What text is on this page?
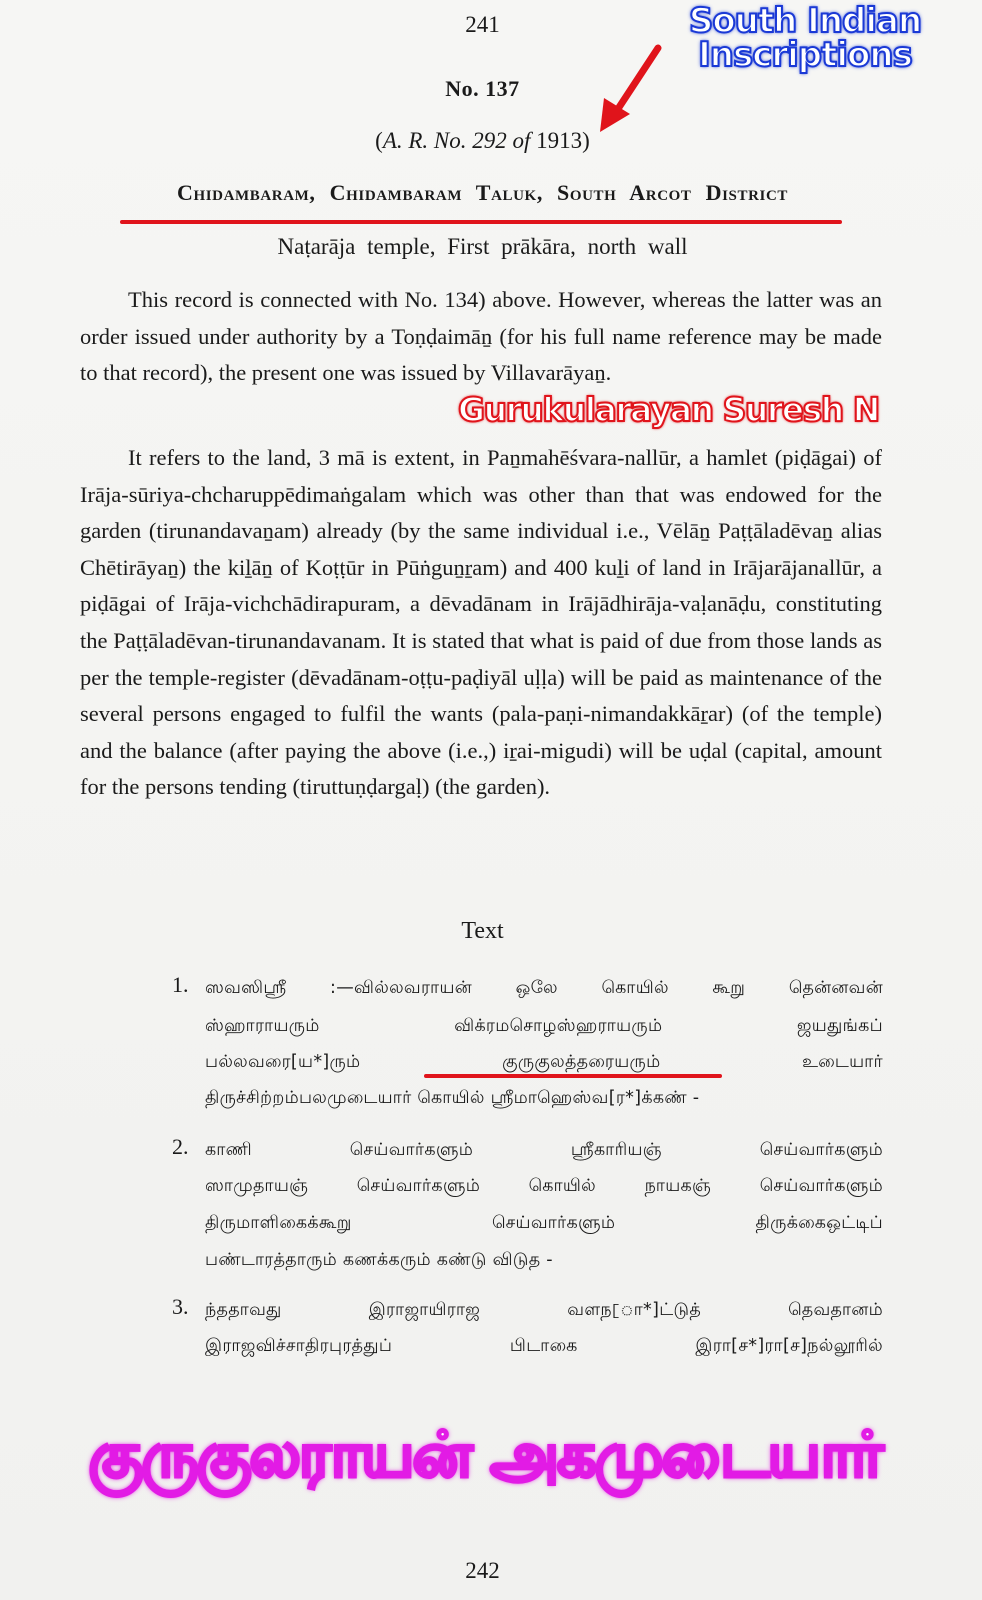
241
No. 137
(A. R. No. 292 of 1913)
Chidambaram, Chidambaram Taluk, South Arcot District
Naṭarāja temple, First prākāra, north wall
This record is connected with No. 134) above. However, whereas the latter was an order issued under authority by a Toṇḍaimāṉ (for his full name reference may be made to that record), the present one was issued by Villavarāyaṉ.
It refers to the land, 3 mā is extent, in Paṉmahēśvara-nallūr, a hamlet (piḍāgai) of Irāja-sūriya-chcharuppēdimaṅgalam which was other than that was endowed for the garden (tirunandavaṉam) already (by the same individual i.e., Vēlāṉ Paṭṭāladēvaṉ alias Chētirāyaṉ) the kiḻāṉ of Koṭṭūr in Pūṅguṉṟam) and 400 kuḻi of land in Irājarājanallūr, a piḍāgai of Irāja-vichchādirapuram, a dēvadānam in Irājādhirāja-vaḷanāḍu, constituting the Paṭṭāladēvan-tirunandavanam. It is stated that what is paid of due from those lands as per the temple-register (dēvadānam-oṭṭu-paḍiyāl uḷḷa) will be paid as maintenance of the several persons engaged to fulfil the wants (pala-paṇi-nimandakkāṟar) (of the temple) and the balance (after paying the above (i.e.,) iṟai-migudi) will be uḍal (capital, amount for the persons tending (tiruttuṇḍargaḷ) (the garden).
Text
1. ஸவஸிஸ்ரீ :—வில்லவராயன் ஒலே கொயில் கூறு தென்னவன்
ஸ்ஹாராயரும் விக்ரமசொழஸ்ஹராயரும் ஜயதுங்கப்
பல்லவரை[ய*]ரும் குருகுலத்தரையரும் உடையார்
திருச்சிற்றம்பலமுடையார் கொயில் ஸ்ரீமாஹெஸ்வ[ர*]க்கண் -
2. காணி செய்வார்களும் ஸ்ரீகாரியஞ் செய்வார்களும்
ஸாமுதாயஞ் செய்வார்களும் கொயில் நாயகஞ் செய்வார்களும்
திருமாளிகைக்கூறு செய்வார்களும் திருக்கைஒட்டிப்
பண்டாரத்தாரும் கணக்கரும் கண்டு விடுத -
3. ந்ததாவது இராஜாயிராஜ வளந[ா*]ட்டுத் தெவதானம்
இராஜவிச்சாதிரபுரத்துப் பிடாகை இரா[ச*]ரா[ச]நல்லூரில்
242
South Indian Inscriptions
Gurukularayan Suresh N
குருகுலராயன் அகமுடையார்
